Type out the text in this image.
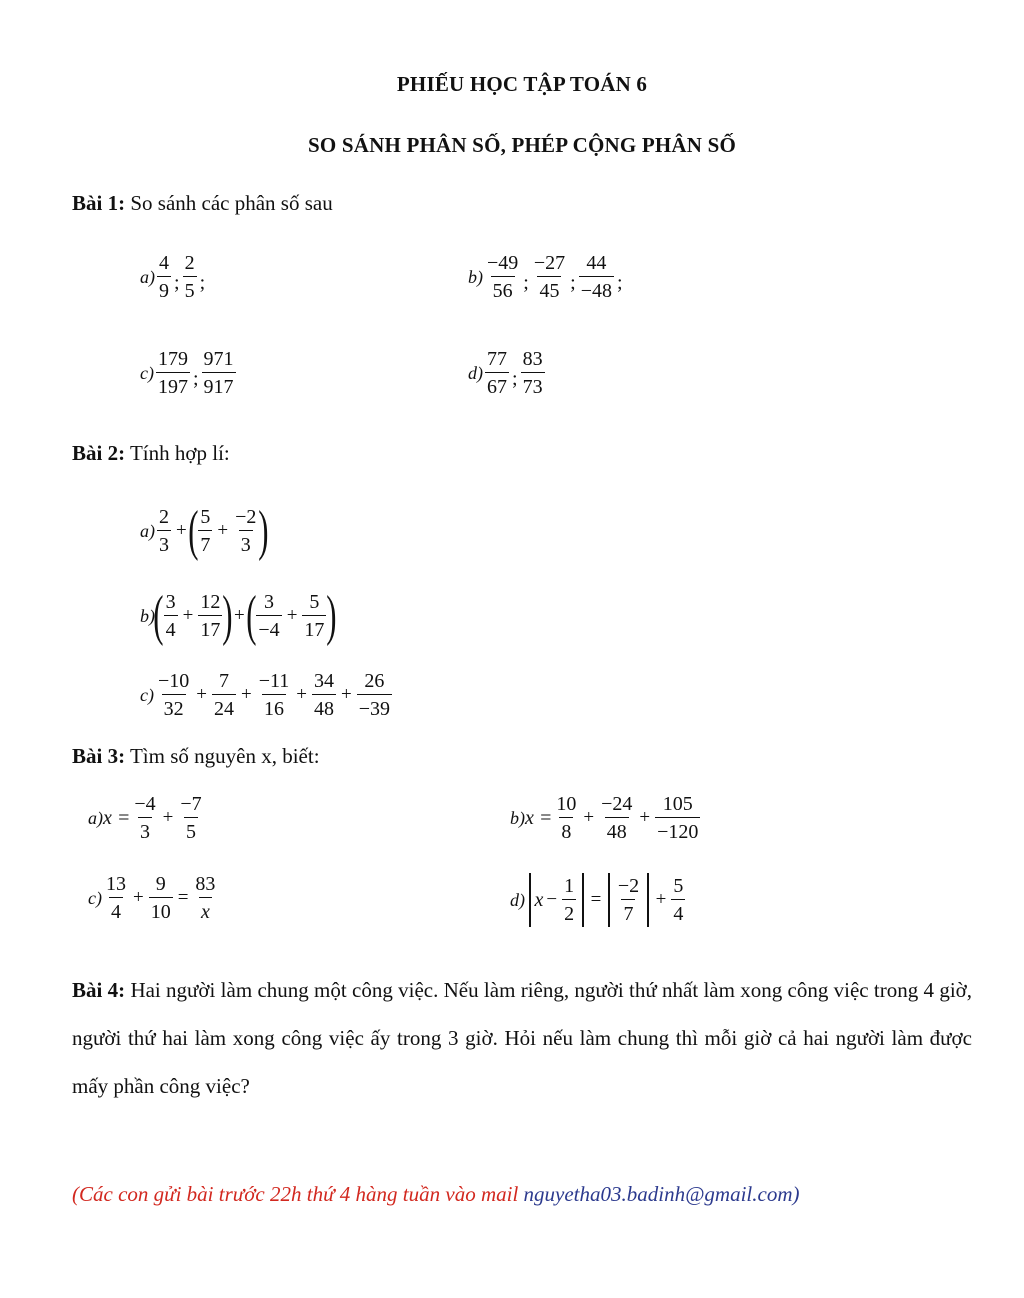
PHIẾU HỌC TẬP TOÁN 6
SO SÁNH PHÂN SỐ, PHÉP CỘNG PHÂN SỐ
Bài 1: So sánh các phân số sau
$a) \frac{4}{9}$ ; $\frac{2}{5}$ ;	$b) \frac{-49}{56}$ ; $\frac{-27}{45}$ ; $\frac{44}{-48}$ ;
$c) \frac{179}{197}$ ; $\frac{971}{917}$	$d) \frac{77}{67}$ ; $\frac{83}{73}$
Bài 2: Tính hợp lí:
$a) \frac{2}{3}$ + ( $\frac{5}{7} + \frac{-2}{3}$ )
b)
( $\frac{3}{4} + \frac{12}{17}$ ) + ( $\frac{3}{-4} + \frac{5}{17}$ )
$c) \frac{-10}{32} + \frac{7}{24} + \frac{-11}{16} + \frac{34}{48} + \frac{26}{-39}$
Bài 3: Tìm số nguyên x, biết:
a) $x = \frac{-4}{3} + \frac{-7}{5}$	b) $x = \frac{10}{8} + \frac{-24}{48} + \frac{105}{-120}$
$c) \frac{13}{4} + \frac{9}{10} = \frac{83}{x}$	d) $x - \frac{1}{2} = \frac{-2}{7} + \frac{5}{4}$
Bài 4: Hai người làm chung một công việc. Nếu làm riêng, người thứ nhất làm xong công việc trong 4 giờ, người thứ hai làm xong công việc ấy trong 3 giờ. Hỏi nếu làm chung thì mỗi giờ cả hai người làm được mấy phần công việc?
(Các con gửi bài trước 22h thứ 4 hàng tuần vào mail nguyetha03.badinh@gmail.com)
